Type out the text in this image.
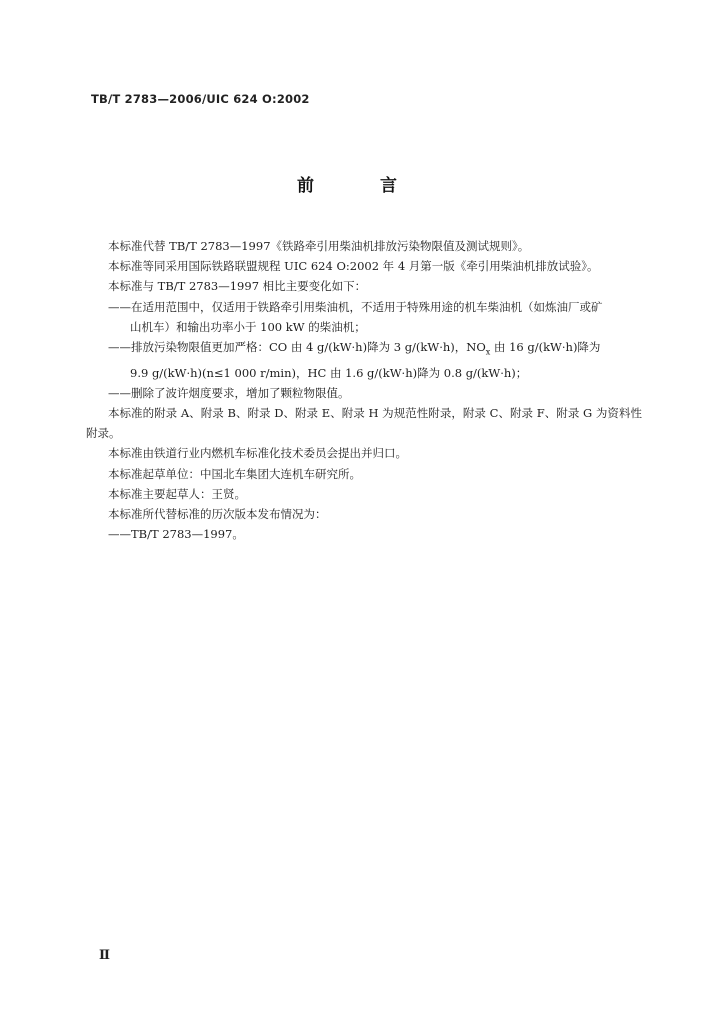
TB/T 2783—2006/UIC 624 O:2002
前 言

本标准代替 TB/T 2783—1997《铁路牵引用柴油机排放污染物限值及测试规则》。

本标准等同采用国际铁路联盟规程 UIC 624 O:2002 年 4 月第一版《牵引用柴油机排放试验》。

本标准与 TB/T 2783—1997 相比主要变化如下：

——在适用范围中，仅适用于铁路牵引用柴油机，不适用于特殊用途的机车柴油机（如炼油厂或矿

山机车）和输出功率小于 100 kW 的柴油机；

——排放污染物限值更加严格：CO 由 4 g/(kW·h)降为 3 g/(kW·h)，$NO_x$ 由 16 g/(kW·h)降为

9.9 g/(kW·h)(n≤1 000 r/min)，HC 由 1.6 g/(kW·h)降为 0.8 g/(kW·h)；

——删除了波许烟度要求，增加了颗粒物限值。

本标准的附录 A、附录 B、附录 D、附录 E、附录 H 为规范性附录，附录 C、附录 F、附录 G 为资料性附录。

本标准由铁道行业内燃机车标准化技术委员会提出并归口。

本标准起草单位：中国北车集团大连机车研究所。

本标准主要起草人：王贤。

本标准所代替标准的历次版本发布情况为：

——TB/T 2783—1997。

Ⅱ
